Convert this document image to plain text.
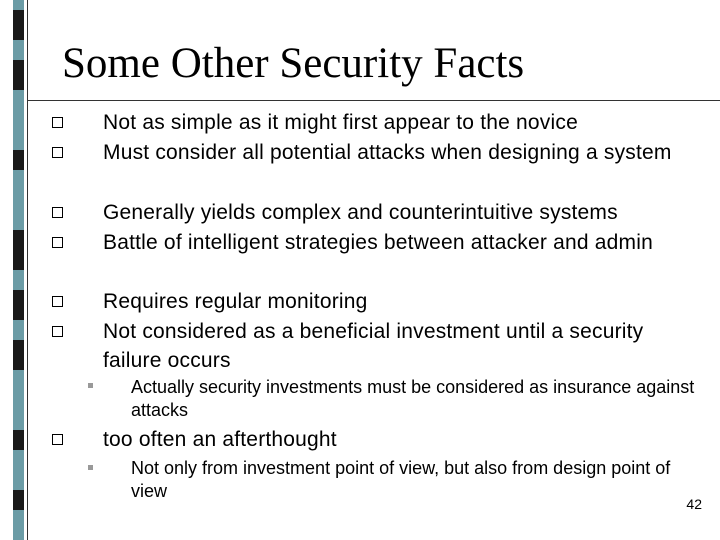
Some Other Security Facts
Not as simple as it might first appear to the novice
Must consider all potential attacks when designing a system
Generally yields complex and counterintuitive systems
Battle of intelligent strategies between attacker and admin
Requires regular monitoring
Not considered as a beneficial investment until a security failure occurs
Actually security investments must be considered as insurance against attacks
too often an afterthought
Not only from investment point of view, but also from design point of view
42
